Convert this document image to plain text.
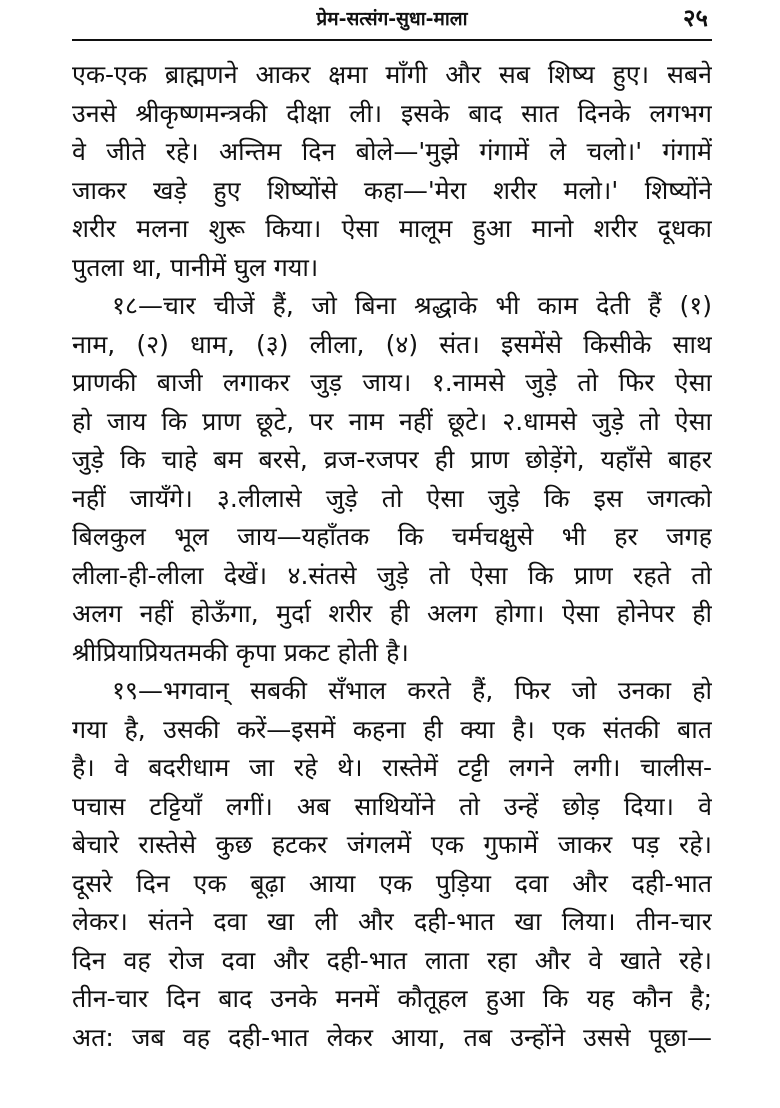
प्रेम-सत्संग-सुधा-माला	२५
एक-एक ब्राह्मणने आकर क्षमा माँगी और सब शिष्य हुए। सबने
उनसे श्रीकृष्णमन्त्रकी दीक्षा ली। इसके बाद सात दिनके लगभग
वे जीते रहे। अन्तिम दिन बोले—'मुझे गंगामें ले चलो।' गंगामें
जाकर खड़े हुए शिष्योंसे कहा—'मेरा शरीर मलो।' शिष्योंने
शरीर मलना शुरू किया। ऐसा मालूम हुआ मानो शरीर दूधका
पुतला था, पानीमें घुल गया।
१८—चार चीजें हैं, जो बिना श्रद्धाके भी काम देती हैं (१)
नाम, (२) धाम, (३) लीला, (४) संत। इसमेंसे किसीके साथ
प्राणकी बाजी लगाकर जुड़ जाय। १.नामसे जुड़े तो फिर ऐसा
हो जाय कि प्राण छूटे, पर नाम नहीं छूटे। २.धामसे जुड़े तो ऐसा
जुड़े कि चाहे बम बरसे, व्रज-रजपर ही प्राण छोड़ेंगे, यहाँसे बाहर
नहीं जायँगे। ३.लीलासे जुड़े तो ऐसा जुड़े कि इस जगत्को
बिलकुल भूल जाय—यहाँतक कि चर्मचक्षुसे भी हर जगह
लीला-ही-लीला देखें। ४.संतसे जुड़े तो ऐसा कि प्राण रहते तो
अलग नहीं होऊँगा, मुर्दा शरीर ही अलग होगा। ऐसा होनेपर ही
श्रीप्रियाप्रियतमकी कृपा प्रकट होती है।
१९—भगवान् सबकी सँभाल करते हैं, फिर जो उनका हो
गया है, उसकी करें—इसमें कहना ही क्या है। एक संतकी बात
है। वे बदरीधाम जा रहे थे। रास्तेमें टट्टी लगने लगी। चालीस-
पचास टट्टियाँ लगीं। अब साथियोंने तो उन्हें छोड़ दिया। वे
बेचारे रास्तेसे कुछ हटकर जंगलमें एक गुफामें जाकर पड़ रहे।
दूसरे दिन एक बूढ़ा आया एक पुड़िया दवा और दही-भात
लेकर। संतने दवा खा ली और दही-भात खा लिया। तीन-चार
दिन वह रोज दवा और दही-भात लाता रहा और वे खाते रहे।
तीन-चार दिन बाद उनके मनमें कौतूहल हुआ कि यह कौन है;
अत: जब वह दही-भात लेकर आया, तब उन्होंने उससे पूछा—
